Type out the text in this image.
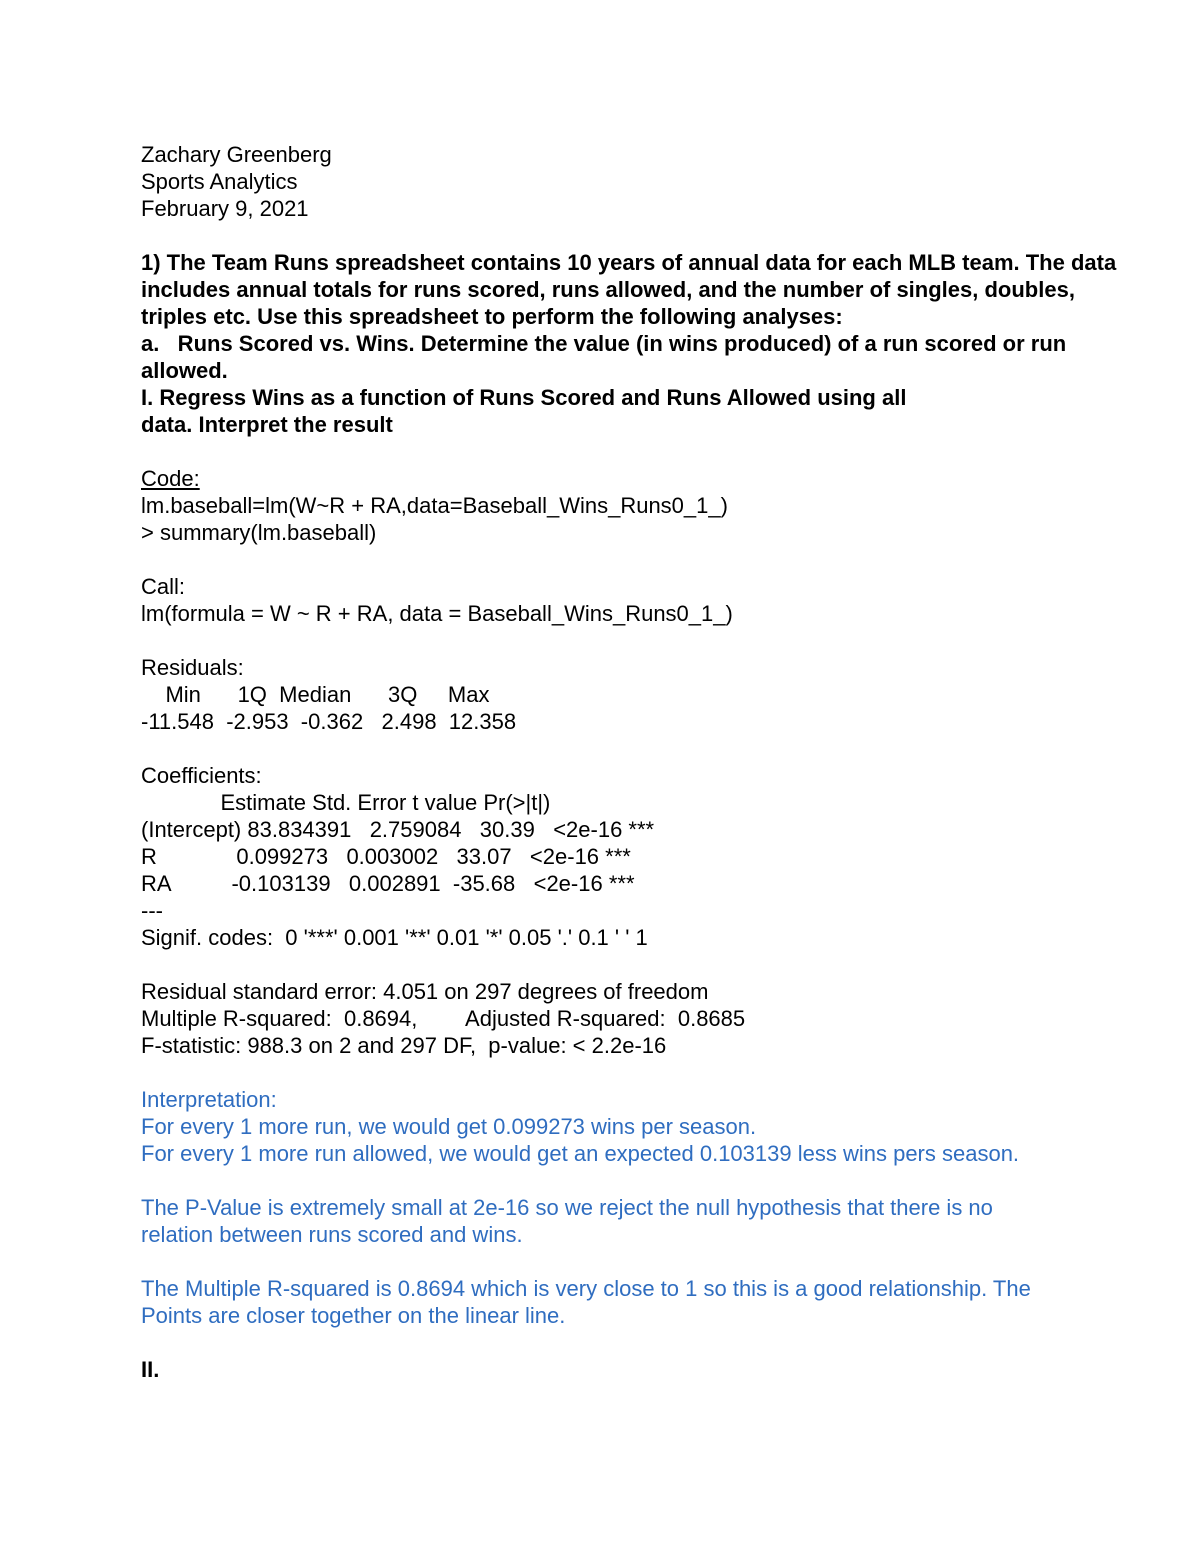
Zachary Greenberg
Sports Analytics
February 9, 2021
1) The Team Runs spreadsheet contains 10 years of annual data for each MLB team. The data
includes annual totals for runs scored, runs allowed, and the number of singles, doubles,
triples etc. Use this spreadsheet to perform the following analyses:
a.   Runs Scored vs. Wins. Determine the value (in wins produced) of a run scored or run
allowed.
I. Regress Wins as a function of Runs Scored and Runs Allowed using all
data. Interpret the result
Code:
lm.baseball=lm(W~R + RA,data=Baseball_Wins_Runs0_1_)
> summary(lm.baseball)
Call:
lm(formula = W ~ R + RA, data = Baseball_Wins_Runs0_1_)
Residuals:
Min      1Q  Median      3Q     Max
-11.548  -2.953  -0.362   2.498  12.358
Coefficients:
Estimate Std. Error t value Pr(>|t|)
(Intercept) 83.834391   2.759084   30.39   <2e-16 ***
R             0.099273   0.003002   33.07   <2e-16 ***
RA          -0.103139   0.002891  -35.68   <2e-16 ***
---
Signif. codes:  0 '***' 0.001 '**' 0.01 '*' 0.05 '.' 0.1 ' ' 1
Residual standard error: 4.051 on 297 degrees of freedom
Multiple R-squared:  0.8694,        Adjusted R-squared:  0.8685
F-statistic: 988.3 on 2 and 297 DF,  p-value: < 2.2e-16
Interpretation:
For every 1 more run, we would get 0.099273 wins per season.
For every 1 more run allowed, we would get an expected 0.103139 less wins pers season.
The P-Value is extremely small at 2e-16 so we reject the null hypothesis that there is no
relation between runs scored and wins.
The Multiple R-squared is 0.8694 which is very close to 1 so this is a good relationship. The
Points are closer together on the linear line.
II.
